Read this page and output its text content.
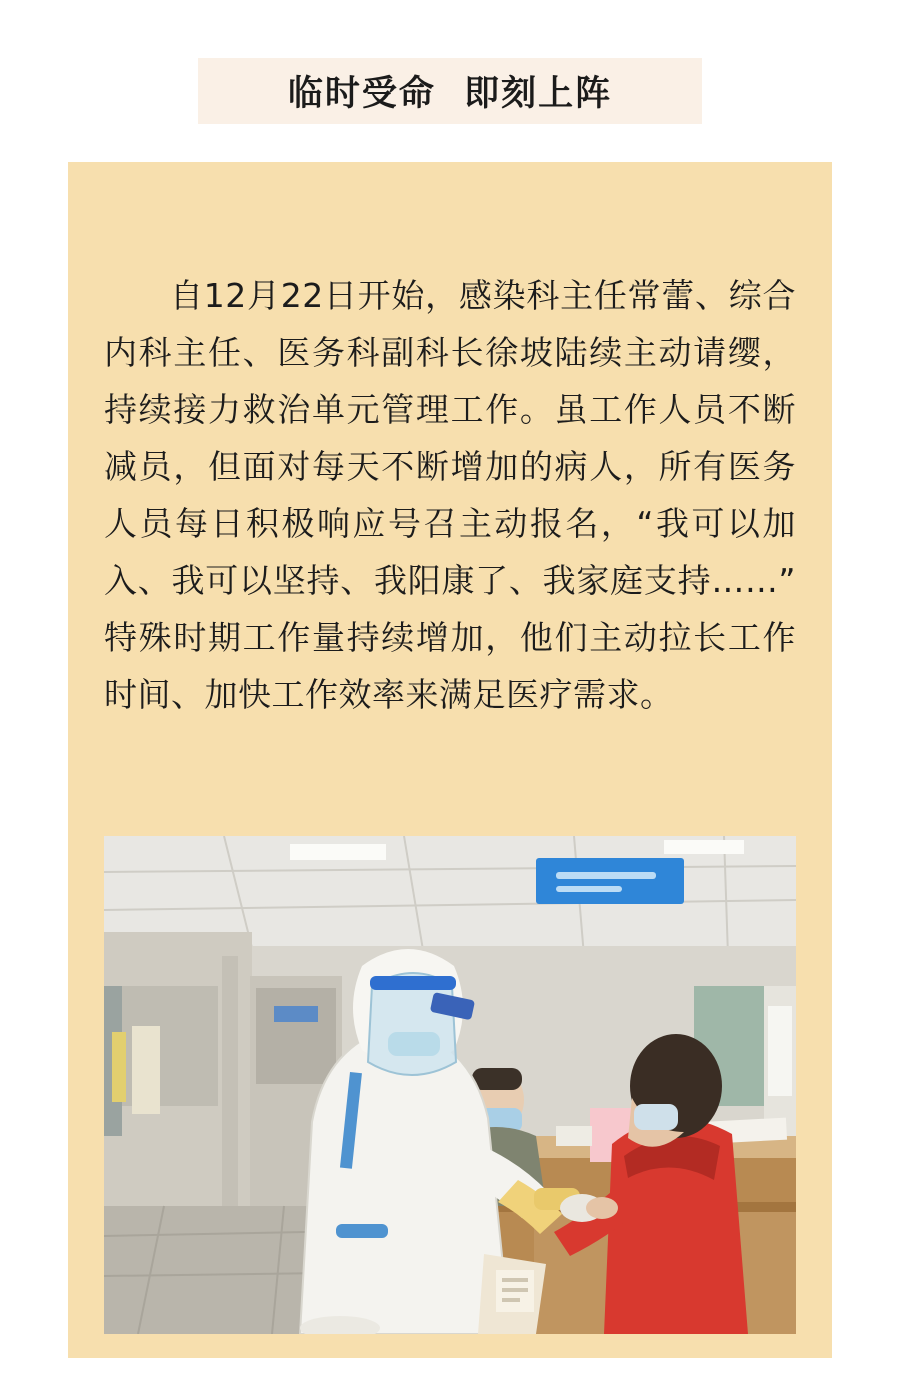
临时受命  即刻上阵

自12月22日开始，感染科主任常蕾、综合内科主任、医务科副科长徐坡陆续主动请缨，持续接力救治单元管理工作。虽工作人员不断减员，但面对每天不断增加的病人，所有医务人员每日积极响应号召主动报名，“我可以加入、我可以坚持、我阳康了、我家庭支持……”特殊时期工作量持续增加，他们主动拉长工作时间、加快工作效率来满足医疗需求。
